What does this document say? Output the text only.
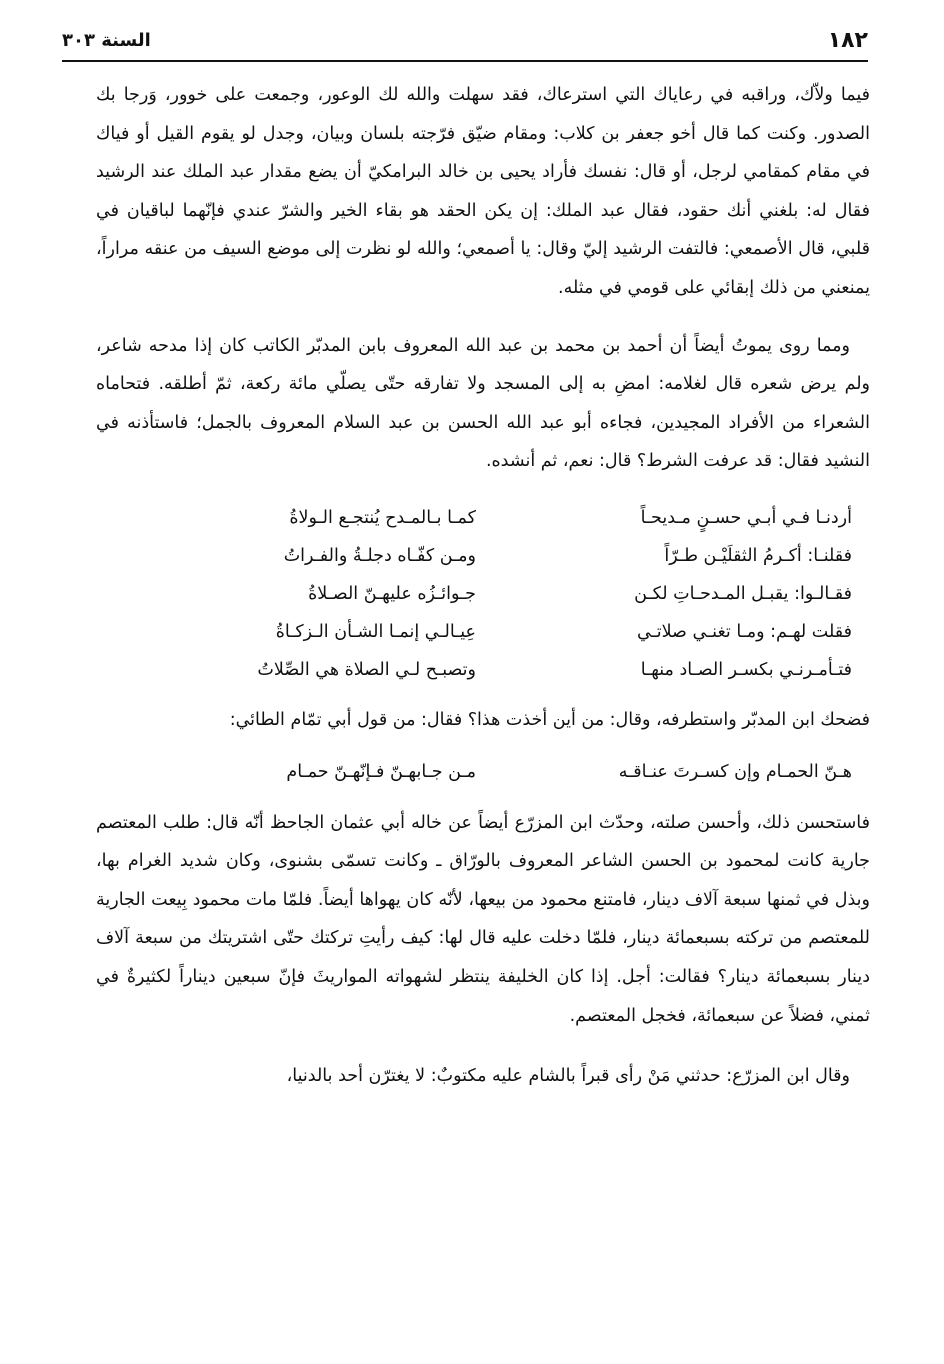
١٨٢
السنة ٣٠٣

فيما ولاّك، وراقبه في رعاياك التي استرعاك، فقد سهلت والله لك الوعور، وجمعت على خوور، وَرجا بك الصدور. وكنت كما قال أخو جعفر بن كلاب: ومقام ضيّق فرّجته بلسان وبيان، وجدل لو يقوم القيل أو فياك في مقام كمقامي لرجل، أو قال: نفسك فأراد يحيى بن خالد البرامكيّ أن يضع مقدار عبد الملك عند الرشيد فقال له: بلغني أنك حقود، فقال عبد الملك: إن يكن الحقد هو بقاء الخير والشرّ عندي فإنّهما لباقيان في قلبي، قال الأصمعي: فالتفت الرشيد إليّ وقال: يا أصمعي؛ والله لو نظرت إلى موضع السيف من عنقه مراراً، يمنعني من ذلك إبقائي على قومي في مثله.

ومما روى يموتُ أيضاً أن أحمد بن محمد بن عبد الله المعروف بابن المدبّر الكاتب كان إذا مدحه شاعر، ولم يرض شعره قال لغلامه: امضِ به إلى المسجد ولا تفارقه حتّى يصلّي مائة ركعة، ثمّ أطلقه. فتحاماه الشعراء من الأفراد المجيدين، فجاءه أبو عبد الله الحسن بن عبد السلام المعروف بالجمل؛ فاستأذنه في النشيد فقال: قد عرفت الشرط؟ قال: نعم، ثم أنشده.

أردنـا فـي أبـي حسـنٍ مـديحـاً
كمـا بـالمـدح يُنتجـع الـولاةُ
فقلنـا: أكـرمُ الثقلَيْـن طـرّاً
ومـن كفّـاه دجلـةُ والفـراتُ
فقـالـوا: يقبـل المـدحـاتِ لكـن
جـوائـزُه عليهـنّ الصـلاةُ
فقلت لهـم: ومـا تغنـي صلاتـي
عِيـالـي إنمـا الشـأن الـزكـاةُ
فتـأمـرنـي بكسـر الصـاد منهـا
وتصبـح لـي الصلاة هي الصِّلاتُ

فضحك ابن المدبّر واستطرفه، وقال: من أين أخذت هذا؟ فقال: من قول أبي تمّام الطائي:

هـنّ الحمـام وإن كسـرتَ عنـاقـه
مـن جـابهـنّ فـإنّهـنّ حمـام

فاستحسن ذلك، وأحسن صلته، وحدّث ابن المزرّع أيضاً عن خاله أبي عثمان الجاحظ أنّه قال: طلب المعتصم جارية كانت لمحمود بن الحسن الشاعر المعروف بالورّاق ـ وكانت تسمّى بشنوى، وكان شديد الغرام بها، وبذل في ثمنها سبعة آلاف دينار، فامتنع محمود من بيعها، لأنّه كان يهواها أيضاً. فلمّا مات محمود بِيعت الجارية للمعتصم من تركته بسبعمائة دينار، فلمّا دخلت عليه قال لها: كيف رأيتِ تركتك حتّى اشتريتك من سبعة آلاف دينار بسبعمائة دينار؟ فقالت: أجل. إذا كان الخليفة ينتظر لشهواته المواريثَ فإنّ سبعين ديناراً لكثيرةٌ في ثمني، فضلاً عن سبعمائة، فخجل المعتصم.

وقال ابن المزرّع: حدثني مَنْ رأى قبراً بالشام عليه مكتوبٌ: لا يغترّن أحد بالدنيا،
